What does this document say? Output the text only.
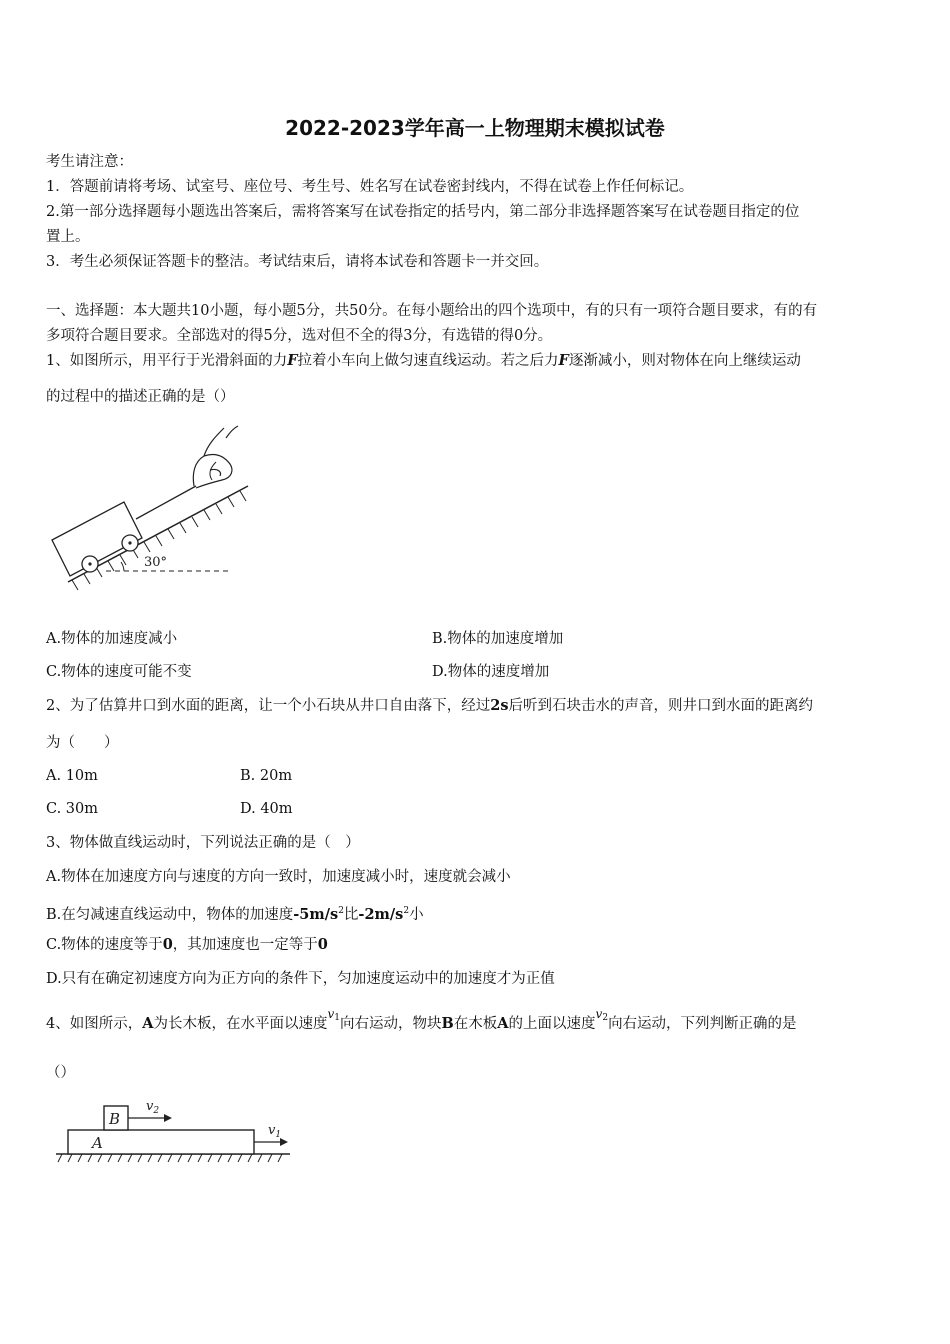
2022-2023学年高一上物理期末模拟试卷
考生请注意：
1．答题前请将考场、试室号、座位号、考生号、姓名写在试卷密封线内，不得在试卷上作任何标记。
2.第一部分选择题每小题选出答案后，需将答案写在试卷指定的括号内，第二部分非选择题答案写在试卷题目指定的位
置上。
3．考生必须保证答题卡的整洁。考试结束后，请将本试卷和答题卡一并交回。
一、选择题：本大题共10小题，每小题5分，共50分。在每小题给出的四个选项中，有的只有一项符合题目要求，有的有
多项符合题目要求。全部选对的得5分，选对但不全的得3分，有选错的得0分。
1、如图所示，用平行于光滑斜面的力F拉着小车向上做匀速直线运动。若之后力F逐渐减小，则对物体在向上继续运动
的过程中的描述正确的是（）
30°
A.物体的加速度减小	B.物体的加速度增加
C.物体的速度可能不变	D.物体的速度增加
2、为了估算井口到水面的距离，让一个小石块从井口自由落下，经过2s后听到石块击水的声音，则井口到水面的距离约
为（　　）
A. 10m	B. 20m
C. 30m	D. 40m
3、物体做直线运动时，下列说法正确的是（　）
A.物体在加速度方向与速度的方向一致时，加速度减小时，速度就会减小
B.在匀减速直线运动中，物体的加速度$-5m/s^2$比$-2m/s^2$小
C.物体的速度等于0，其加速度也一定等于0
D.只有在确定初速度方向为正方向的条件下，匀加速度运动中的加速度才为正值
4、如图所示，A为长木板，在水平面以速度$^v_1$向右运动，物块B在木板A的上面以速度$^v_2$向右运动，下列判断正确的是
（）
A
B
$v_2$
$v_1$
